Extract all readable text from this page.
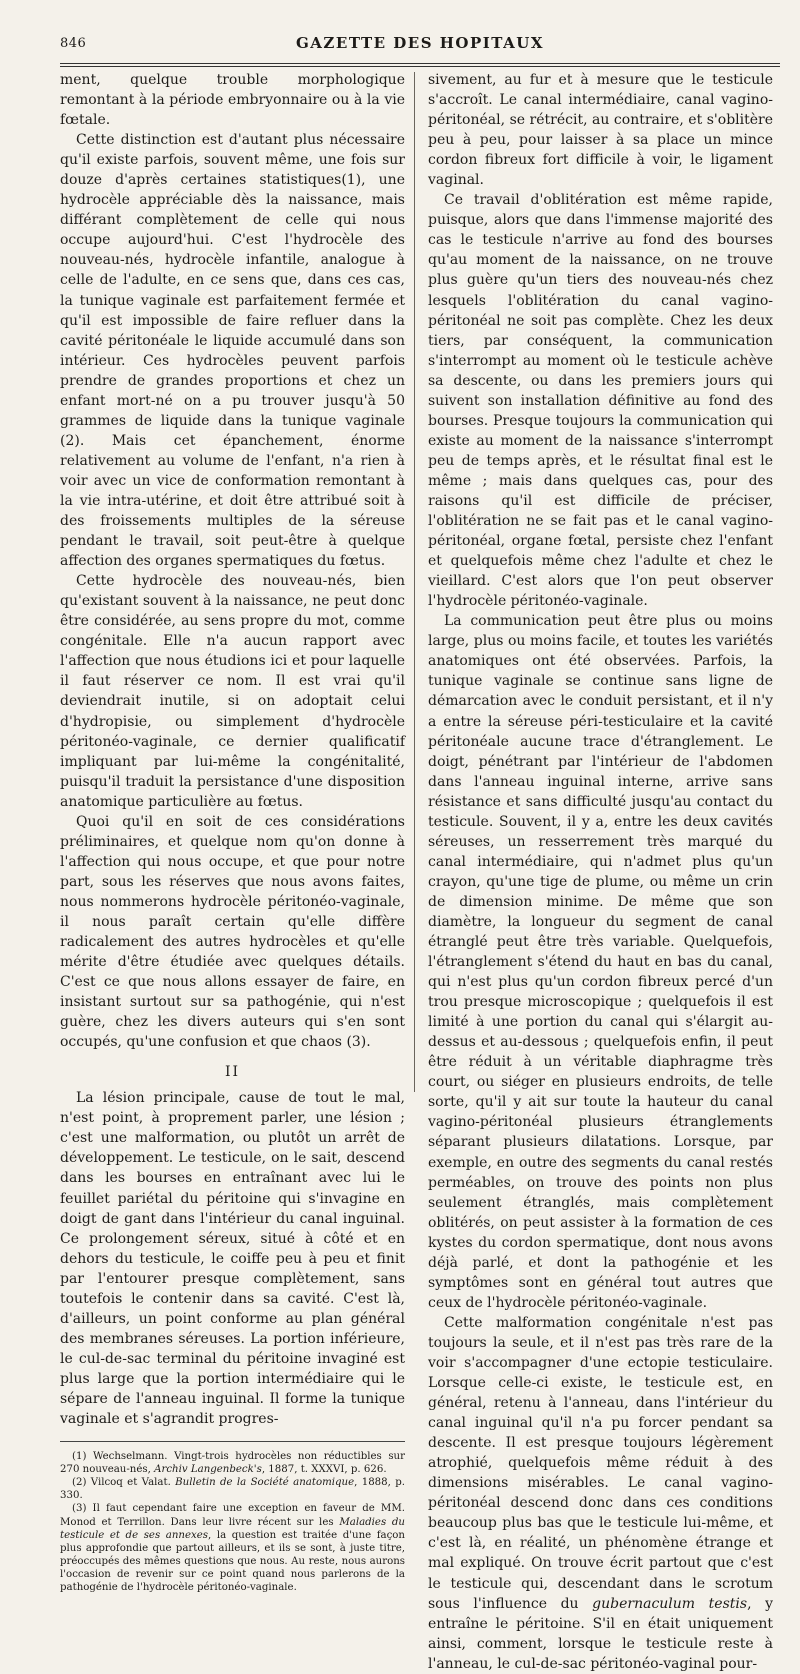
846	GAZETTE DES HOPITAUX

ment, quelque trouble morphologique remontant à la période embryonnaire ou à la vie fœtale.

Cette distinction est d'autant plus nécessaire qu'il existe parfois, souvent même, une fois sur douze d'après certaines statistiques(1), une hydrocèle appréciable dès la naissance, mais différant complètement de celle qui nous occupe aujourd'hui. C'est l'hydrocèle des nouveau-nés, hydrocèle infantile, analogue à celle de l'adulte, en ce sens que, dans ces cas, la tunique vaginale est parfaitement fermée et qu'il est impossible de faire refluer dans la cavité péritonéale le liquide accumulé dans son intérieur. Ces hydrocèles peuvent parfois prendre de grandes proportions et chez un enfant mort-né on a pu trouver jusqu'à 50 grammes de liquide dans la tunique vaginale (2). Mais cet épanchement, énorme relativement au volume de l'enfant, n'a rien à voir avec un vice de conformation remontant à la vie intra-utérine, et doit être attribué soit à des froissements multiples de la séreuse pendant le travail, soit peut-être à quelque affection des organes spermatiques du fœtus.

Cette hydrocèle des nouveau-nés, bien qu'existant souvent à la naissance, ne peut donc être considérée, au sens propre du mot, comme congénitale. Elle n'a aucun rapport avec l'affection que nous étudions ici et pour laquelle il faut réserver ce nom. Il est vrai qu'il deviendrait inutile, si on adoptait celui d'hydropisie, ou simplement d'hydrocèle péritonéo-vaginale, ce dernier qualificatif impliquant par lui-même la congénitalité, puisqu'il traduit la persistance d'une disposition anatomique particulière au fœtus.

Quoi qu'il en soit de ces considérations préliminaires, et quelque nom qu'on donne à l'affection qui nous occupe, et que pour notre part, sous les réserves que nous avons faites, nous nommerons hydrocèle péritonéo-vaginale, il nous paraît certain qu'elle diffère radicalement des autres hydrocèles et qu'elle mérite d'être étudiée avec quelques détails. C'est ce que nous allons essayer de faire, en insistant surtout sur sa pathogénie, qui n'est guère, chez les divers auteurs qui s'en sont occupés, qu'une confusion et que chaos (3).

II

La lésion principale, cause de tout le mal, n'est point, à proprement parler, une lésion ; c'est une malformation, ou plutôt un arrêt de développement. Le testicule, on le sait, descend dans les bourses en entraînant avec lui le feuillet pariétal du péritoine qui s'invagine en doigt de gant dans l'intérieur du canal inguinal. Ce prolongement séreux, situé à côté et en dehors du testicule, le coiffe peu à peu et finit par l'entourer presque complètement, sans toutefois le contenir dans sa cavité. C'est là, d'ailleurs, un point conforme au plan général des membranes séreuses. La portion inférieure, le cul-de-sac terminal du péritoine invaginé est plus large que la portion intermédiaire qui le sépare de l'anneau inguinal. Il forme la tunique vaginale et s'agrandit progres-

(1) Wechselmann. Vingt-trois hydrocèles non réductibles sur 270 nouveau-nés, Archiv Langenbeck's, 1887, t. XXXVI, p. 626.

(2) Vilcoq et Valat. Bulletin de la Société anatomique, 1888, p. 330.

(3) Il faut cependant faire une exception en faveur de MM. Monod et Terrillon. Dans leur livre récent sur les Maladies du testicule et de ses annexes, la question est traitée d'une façon plus approfondie que partout ailleurs, et ils se sont, à juste titre, préoccupés des mêmes questions que nous. Au reste, nous aurons l'occasion de revenir sur ce point quand nous parlerons de la pathogénie de l'hydrocèle péritonéo-vaginale.

sivement, au fur et à mesure que le testicule s'accroît. Le canal intermédiaire, canal vagino-péritonéal, se rétrécit, au contraire, et s'oblitère peu à peu, pour laisser à sa place un mince cordon fibreux fort difficile à voir, le ligament vaginal.

Ce travail d'oblitération est même rapide, puisque, alors que dans l'immense majorité des cas le testicule n'arrive au fond des bourses qu'au moment de la naissance, on ne trouve plus guère qu'un tiers des nouveau-nés chez lesquels l'oblitération du canal vagino-péritonéal ne soit pas complète. Chez les deux tiers, par conséquent, la communication s'interrompt au moment où le testicule achève sa descente, ou dans les premiers jours qui suivent son installation définitive au fond des bourses. Presque toujours la communication qui existe au moment de la naissance s'interrompt peu de temps après, et le résultat final est le même ; mais dans quelques cas, pour des raisons qu'il est difficile de préciser, l'oblitération ne se fait pas et le canal vagino-péritonéal, organe fœtal, persiste chez l'enfant et quelquefois même chez l'adulte et chez le vieillard. C'est alors que l'on peut observer l'hydrocèle péritonéo-vaginale.

La communication peut être plus ou moins large, plus ou moins facile, et toutes les variétés anatomiques ont été observées. Parfois, la tunique vaginale se continue sans ligne de démarcation avec le conduit persistant, et il n'y a entre la séreuse péri-testiculaire et la cavité péritonéale aucune trace d'étranglement. Le doigt, pénétrant par l'intérieur de l'abdomen dans l'anneau inguinal interne, arrive sans résistance et sans difficulté jusqu'au contact du testicule. Souvent, il y a, entre les deux cavités séreuses, un resserrement très marqué du canal intermédiaire, qui n'admet plus qu'un crayon, qu'une tige de plume, ou même un crin de dimension minime. De même que son diamètre, la longueur du segment de canal étranglé peut être très variable. Quelquefois, l'étranglement s'étend du haut en bas du canal, qui n'est plus qu'un cordon fibreux percé d'un trou presque microscopique ; quelquefois il est limité à une portion du canal qui s'élargit au-dessus et au-dessous ; quelquefois enfin, il peut être réduit à un véritable diaphragme très court, ou siéger en plusieurs endroits, de telle sorte, qu'il y ait sur toute la hauteur du canal vagino-péritonéal plusieurs étranglements séparant plusieurs dilatations. Lorsque, par exemple, en outre des segments du canal restés perméables, on trouve des points non plus seulement étranglés, mais complètement oblitérés, on peut assister à la formation de ces kystes du cordon spermatique, dont nous avons déjà parlé, et dont la pathogénie et les symptômes sont en général tout autres que ceux de l'hydrocèle péritonéo-vaginale.

Cette malformation congénitale n'est pas toujours la seule, et il n'est pas très rare de la voir s'accompagner d'une ectopie testiculaire. Lorsque celle-ci existe, le testicule est, en général, retenu à l'anneau, dans l'intérieur du canal inguinal qu'il n'a pu forcer pendant sa descente. Il est presque toujours légèrement atrophié, quelquefois même réduit à des dimensions misérables. Le canal vagino-péritonéal descend donc dans ces conditions beaucoup plus bas que le testicule lui-même, et c'est là, en réalité, un phénomène étrange et mal expliqué. On trouve écrit partout que c'est le testicule qui, descendant dans le scrotum sous l'influence du gubernaculum testis, y entraîne le péritoine. S'il en était uniquement ainsi, comment, lorsque le testicule reste à l'anneau, le cul-de-sac péritonéo-vaginal pour-
